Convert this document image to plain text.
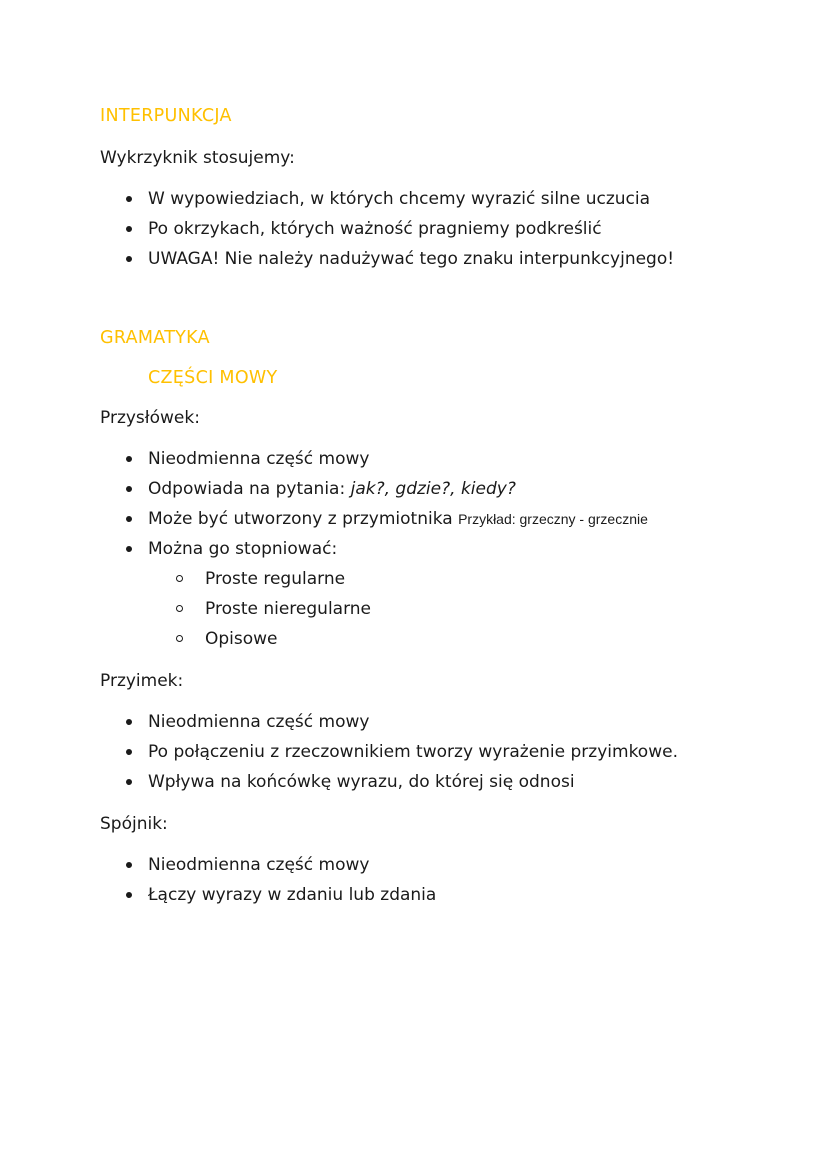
INTERPUNKCJA

Wykrzyknik stosujemy:

W wypowiedziach, w których chcemy wyrazić silne uczucia
Po okrzykach, których ważność pragniemy podkreślić
UWAGA! Nie należy nadużywać tego znaku interpunkcyjnego!
GRAMATYKA
CZĘŚCI MOWY

Przysłówek:

Nieodmienna część mowy
Odpowiada na pytania: jak?, gdzie?, kiedy?
Może być utworzony z przymiotnika Przykład: grzeczny - grzecznie
Można go stopniować:
Proste regularne
Proste nieregularne
Opisowe

Przyimek:

Nieodmienna część mowy
Po połączeniu z rzeczownikiem tworzy wyrażenie przyimkowe.
Wpływa na końcówkę wyrazu, do której się odnosi

Spójnik:

Nieodmienna część mowy
Łączy wyrazy w zdaniu lub zdania
